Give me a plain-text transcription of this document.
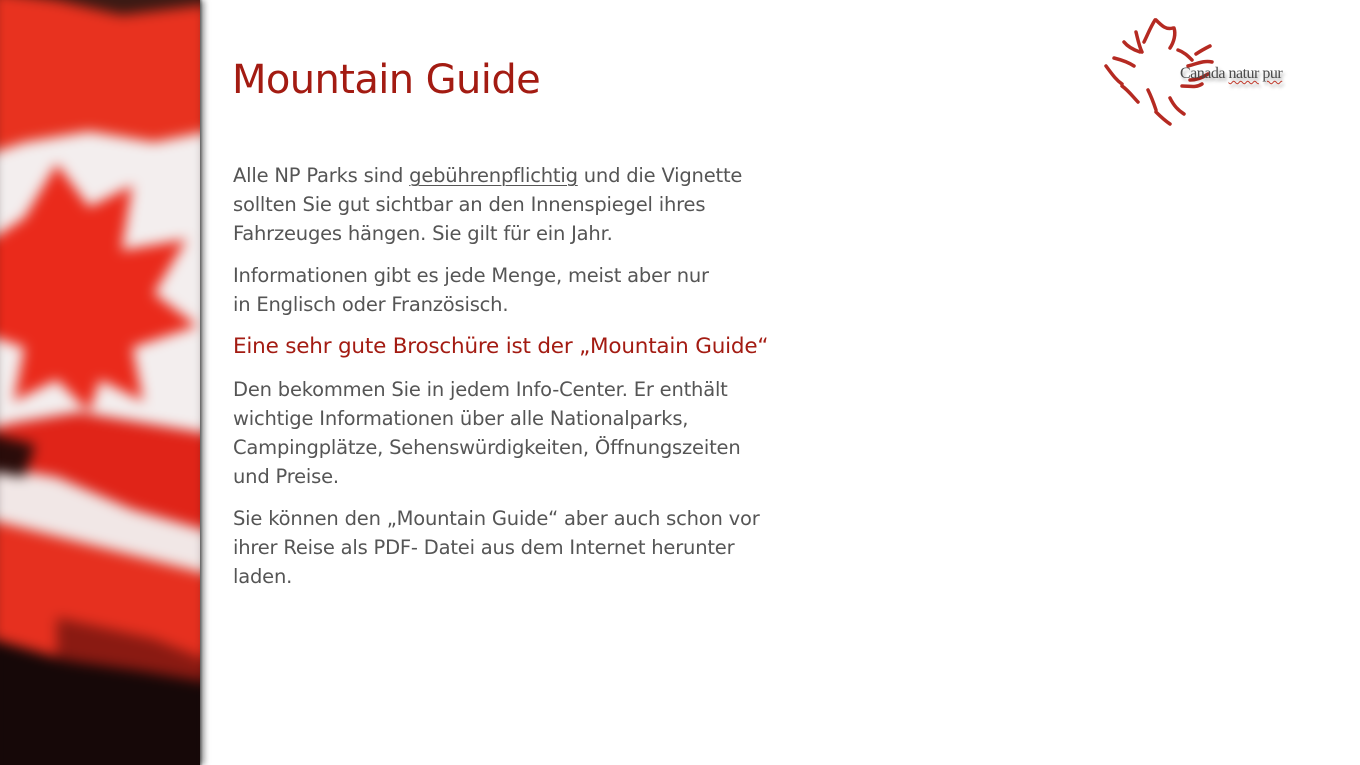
Canada natur pur
Mountain Guide

Alle NP Parks sind gebührenpflichtig und die Vignette
sollten Sie gut sichtbar an den Innenspiegel ihres
Fahrzeuges hängen. Sie gilt für ein Jahr.

Informationen gibt es jede Menge, meist aber nur
in Englisch oder Französisch.

Eine sehr gute Broschüre ist der „Mountain Guide“

Den bekommen Sie in jedem Info-Center. Er enthält
wichtige Informationen über alle Nationalparks,
Campingplätze, Sehenswürdigkeiten, Öffnungszeiten
und Preise.

Sie können den „Mountain Guide“ aber auch schon vor
ihrer Reise als PDF- Datei aus dem Internet herunter
laden.
